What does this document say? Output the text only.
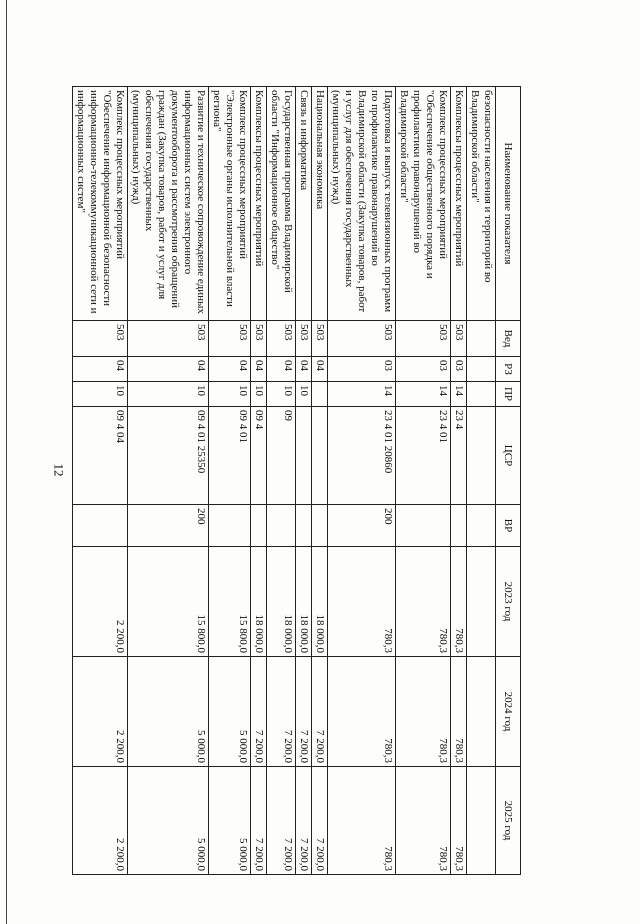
12
Наименование показателя	Вед	РЗ	ПР	ЦСР	ВР	2023 год	2024 год	2025 год
безопасности населения и территорий во Владимирской области"								
Комплексы процессных мероприятий	503	03	14	23 4		780,3	780,3	780,3
Комплекс процессных мероприятий "Обеспечение общественного порядка и профилактики правонарушений во Владимирской области"	503	03	14	23 4 01		780,3	780,3	780,3
Подготовка и выпуск телевизионных программ по профилактике правонарушений во Владимирской области (Закупка товаров, работ и услуг для обеспечения государственных (муниципальных) нужд)	503	03	14	23 4 01 20860	200	780,3	780,3	780,3
Национальная экономика	503	04				18 000,0	7 200,0	7 200,0
Связь и информатика	503	04	10			18 000,0	7 200,0	7 200,0
Государственная программа Владимирской области "Информационное общество"	503	04	10	09		18 000,0	7 200,0	7 200,0
Комплексы процессных мероприятий	503	04	10	09 4		18 000,0	7 200,0	7 200,0
Комплекс процессных мероприятий "Электронные органы исполнительной власти региона"	503	04	10	09 4 01		15 800,0	5 000,0	5 000,0
Развитие и техническое сопровождение единых информационных систем электронного документооборота и рассмотрения обращений граждан (Закупка товаров, работ и услуг для обеспечения государственных (муниципальных) нужд)	503	04	10	09 4 01 25350	200	15 800,0	5 000,0	5 000,0
Комплекс процессных мероприятий "Обеспечение информационной безопасности информационно-телекоммуникационной сети и информационных систем"	503	04	10	09 4 04		2 200,0	2 200,0	2 200,0
